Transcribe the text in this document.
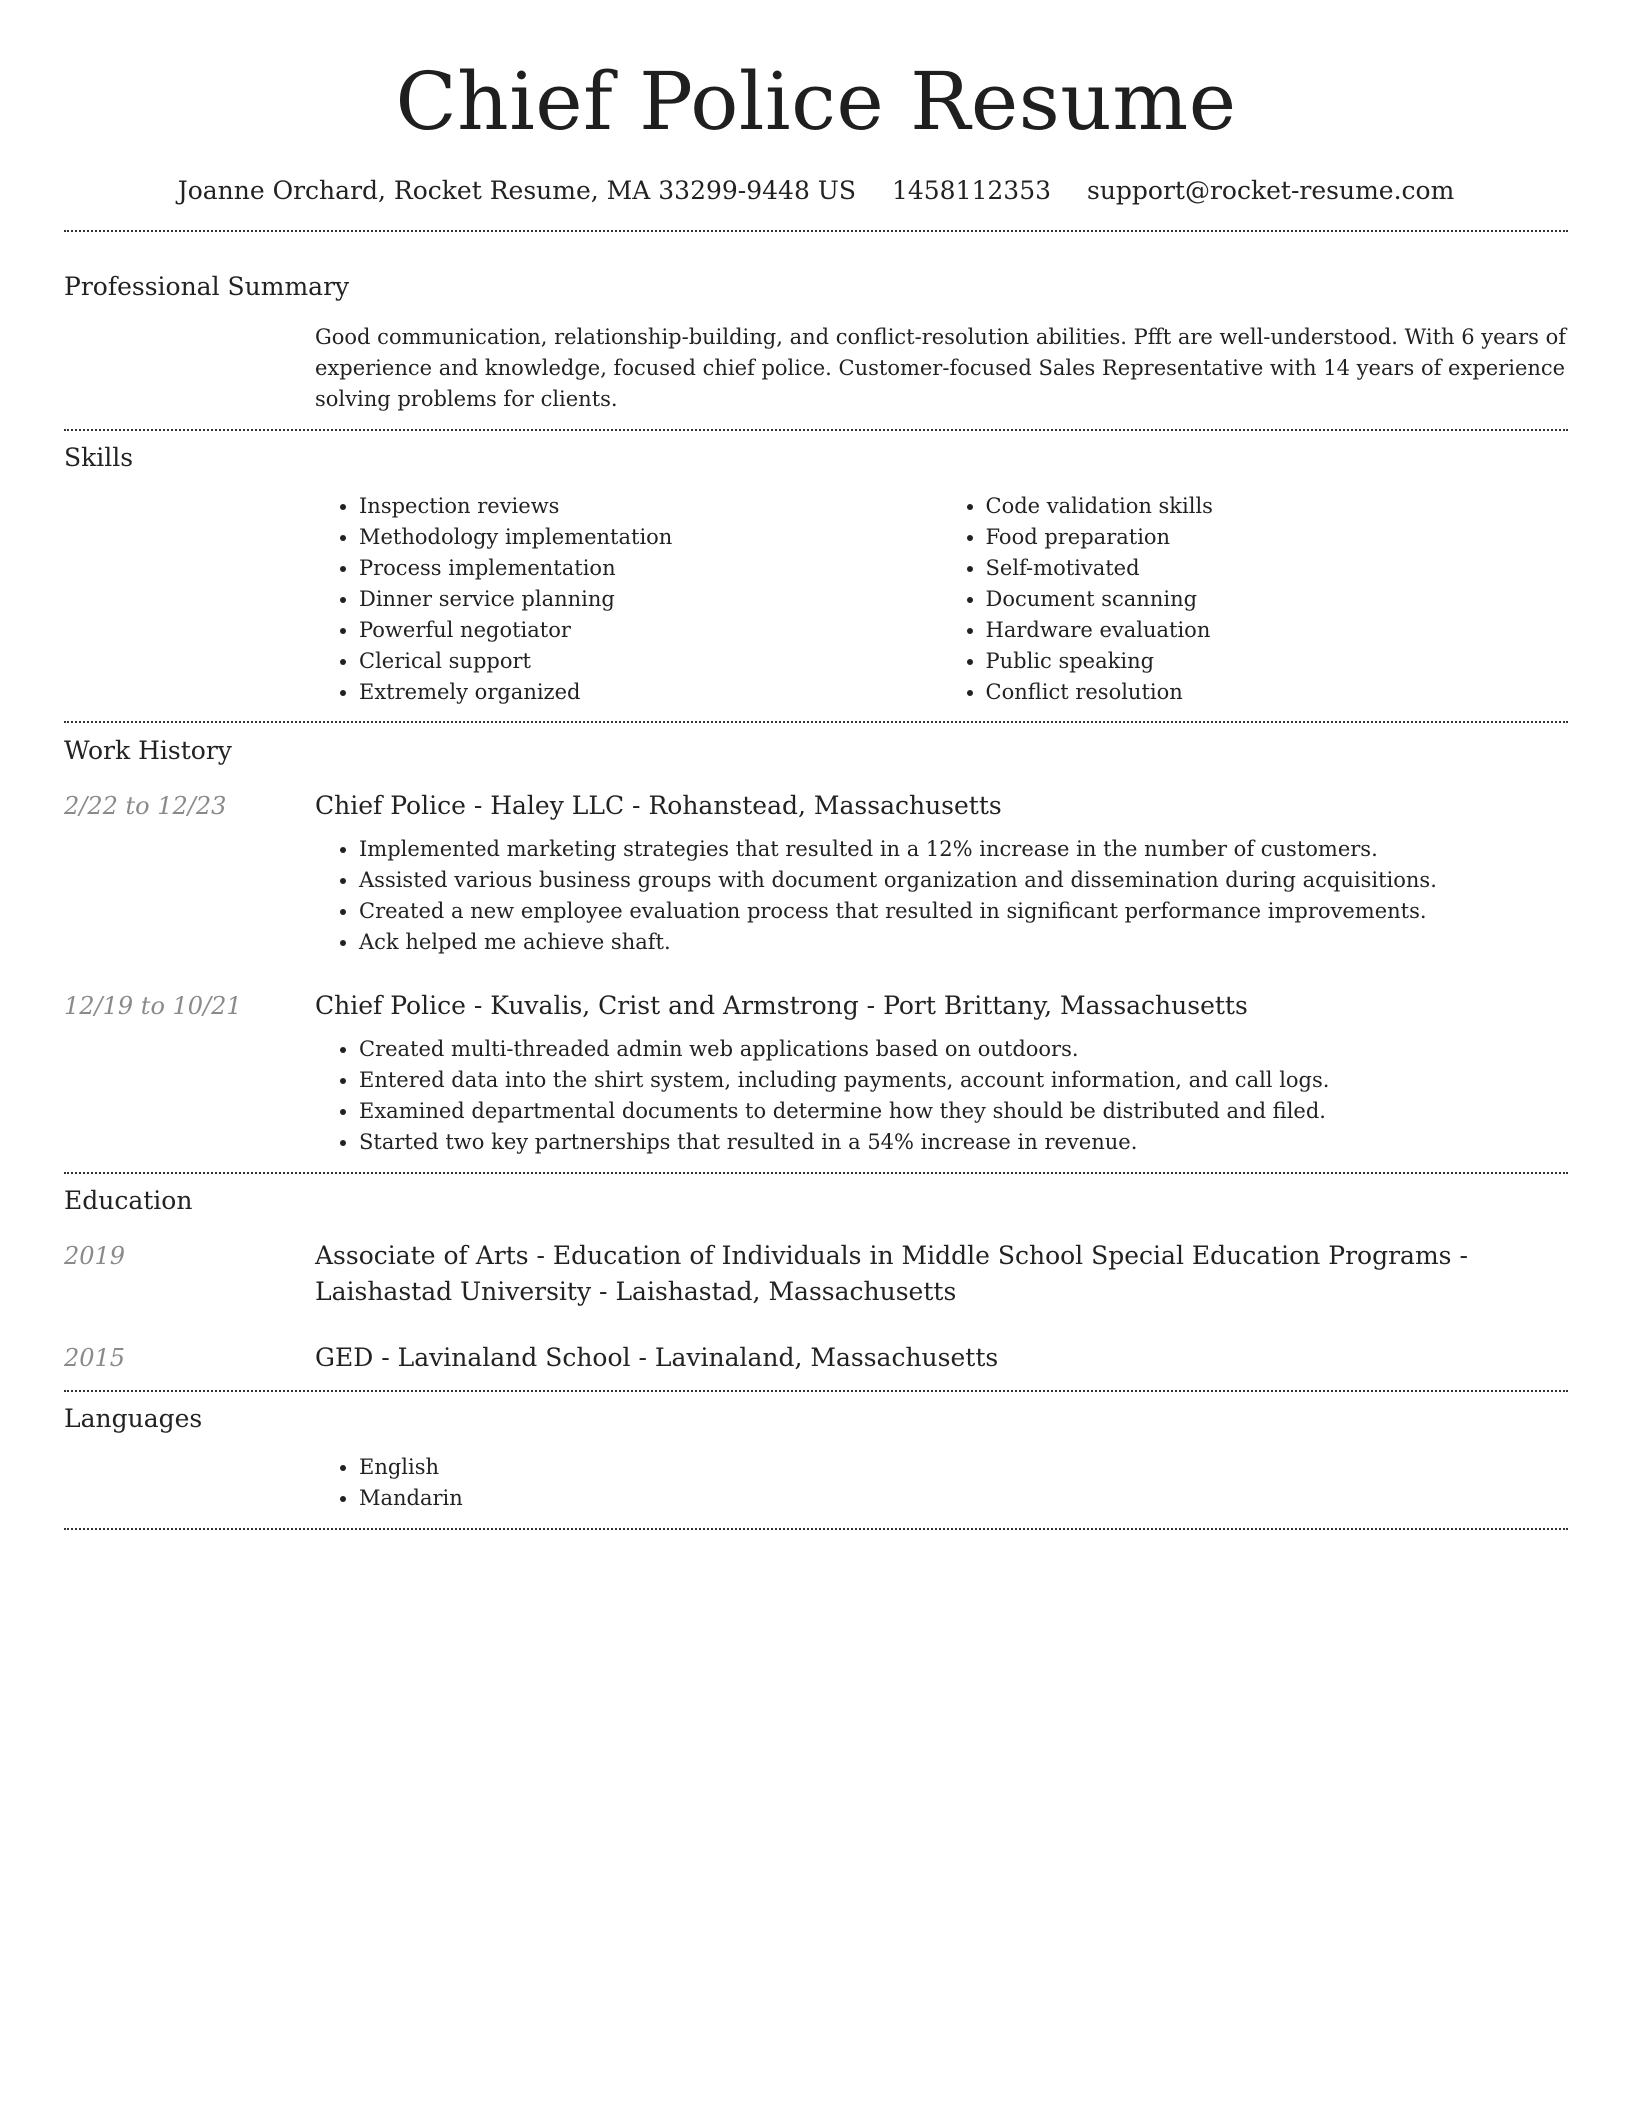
Chief Police Resume
Joanne Orchard, Rocket Resume, MA 33299-9448 US 1458112353 support@rocket-resume.com
Professional Summary
Good communication, relationship-building, and conflict-resolution abilities. Pfft are well-understood. With 6 years of experience and knowledge, focused chief police. Customer-focused Sales Representative with 14 years of experience solving problems for clients.
Skills
• Inspection reviews
• Methodology implementation
• Process implementation
• Dinner service planning
• Powerful negotiator
• Clerical support
• Extremely organized
• Code validation skills
• Food preparation
• Self-motivated
• Document scanning
• Hardware evaluation
• Public speaking
• Conflict resolution
Work History
2/22 to 12/23	Chief Police - Haley LLC - Rohanstead, Massachusetts
• Implemented marketing strategies that resulted in a 12% increase in the number of customers.
• Assisted various business groups with document organization and dissemination during acquisitions.
• Created a new employee evaluation process that resulted in significant performance improvements.
• Ack helped me achieve shaft.
12/19 to 10/21	Chief Police - Kuvalis, Crist and Armstrong - Port Brittany, Massachusetts
• Created multi-threaded admin web applications based on outdoors.
• Entered data into the shirt system, including payments, account information, and call logs.
• Examined departmental documents to determine how they should be distributed and filed.
• Started two key partnerships that resulted in a 54% increase in revenue.
Education
2019	Associate of Arts - Education of Individuals in Middle School Special Education Programs - Laishastad University - Laishastad, Massachusetts
2015	GED - Lavinaland School - Lavinaland, Massachusetts
Languages
• English
• Mandarin
